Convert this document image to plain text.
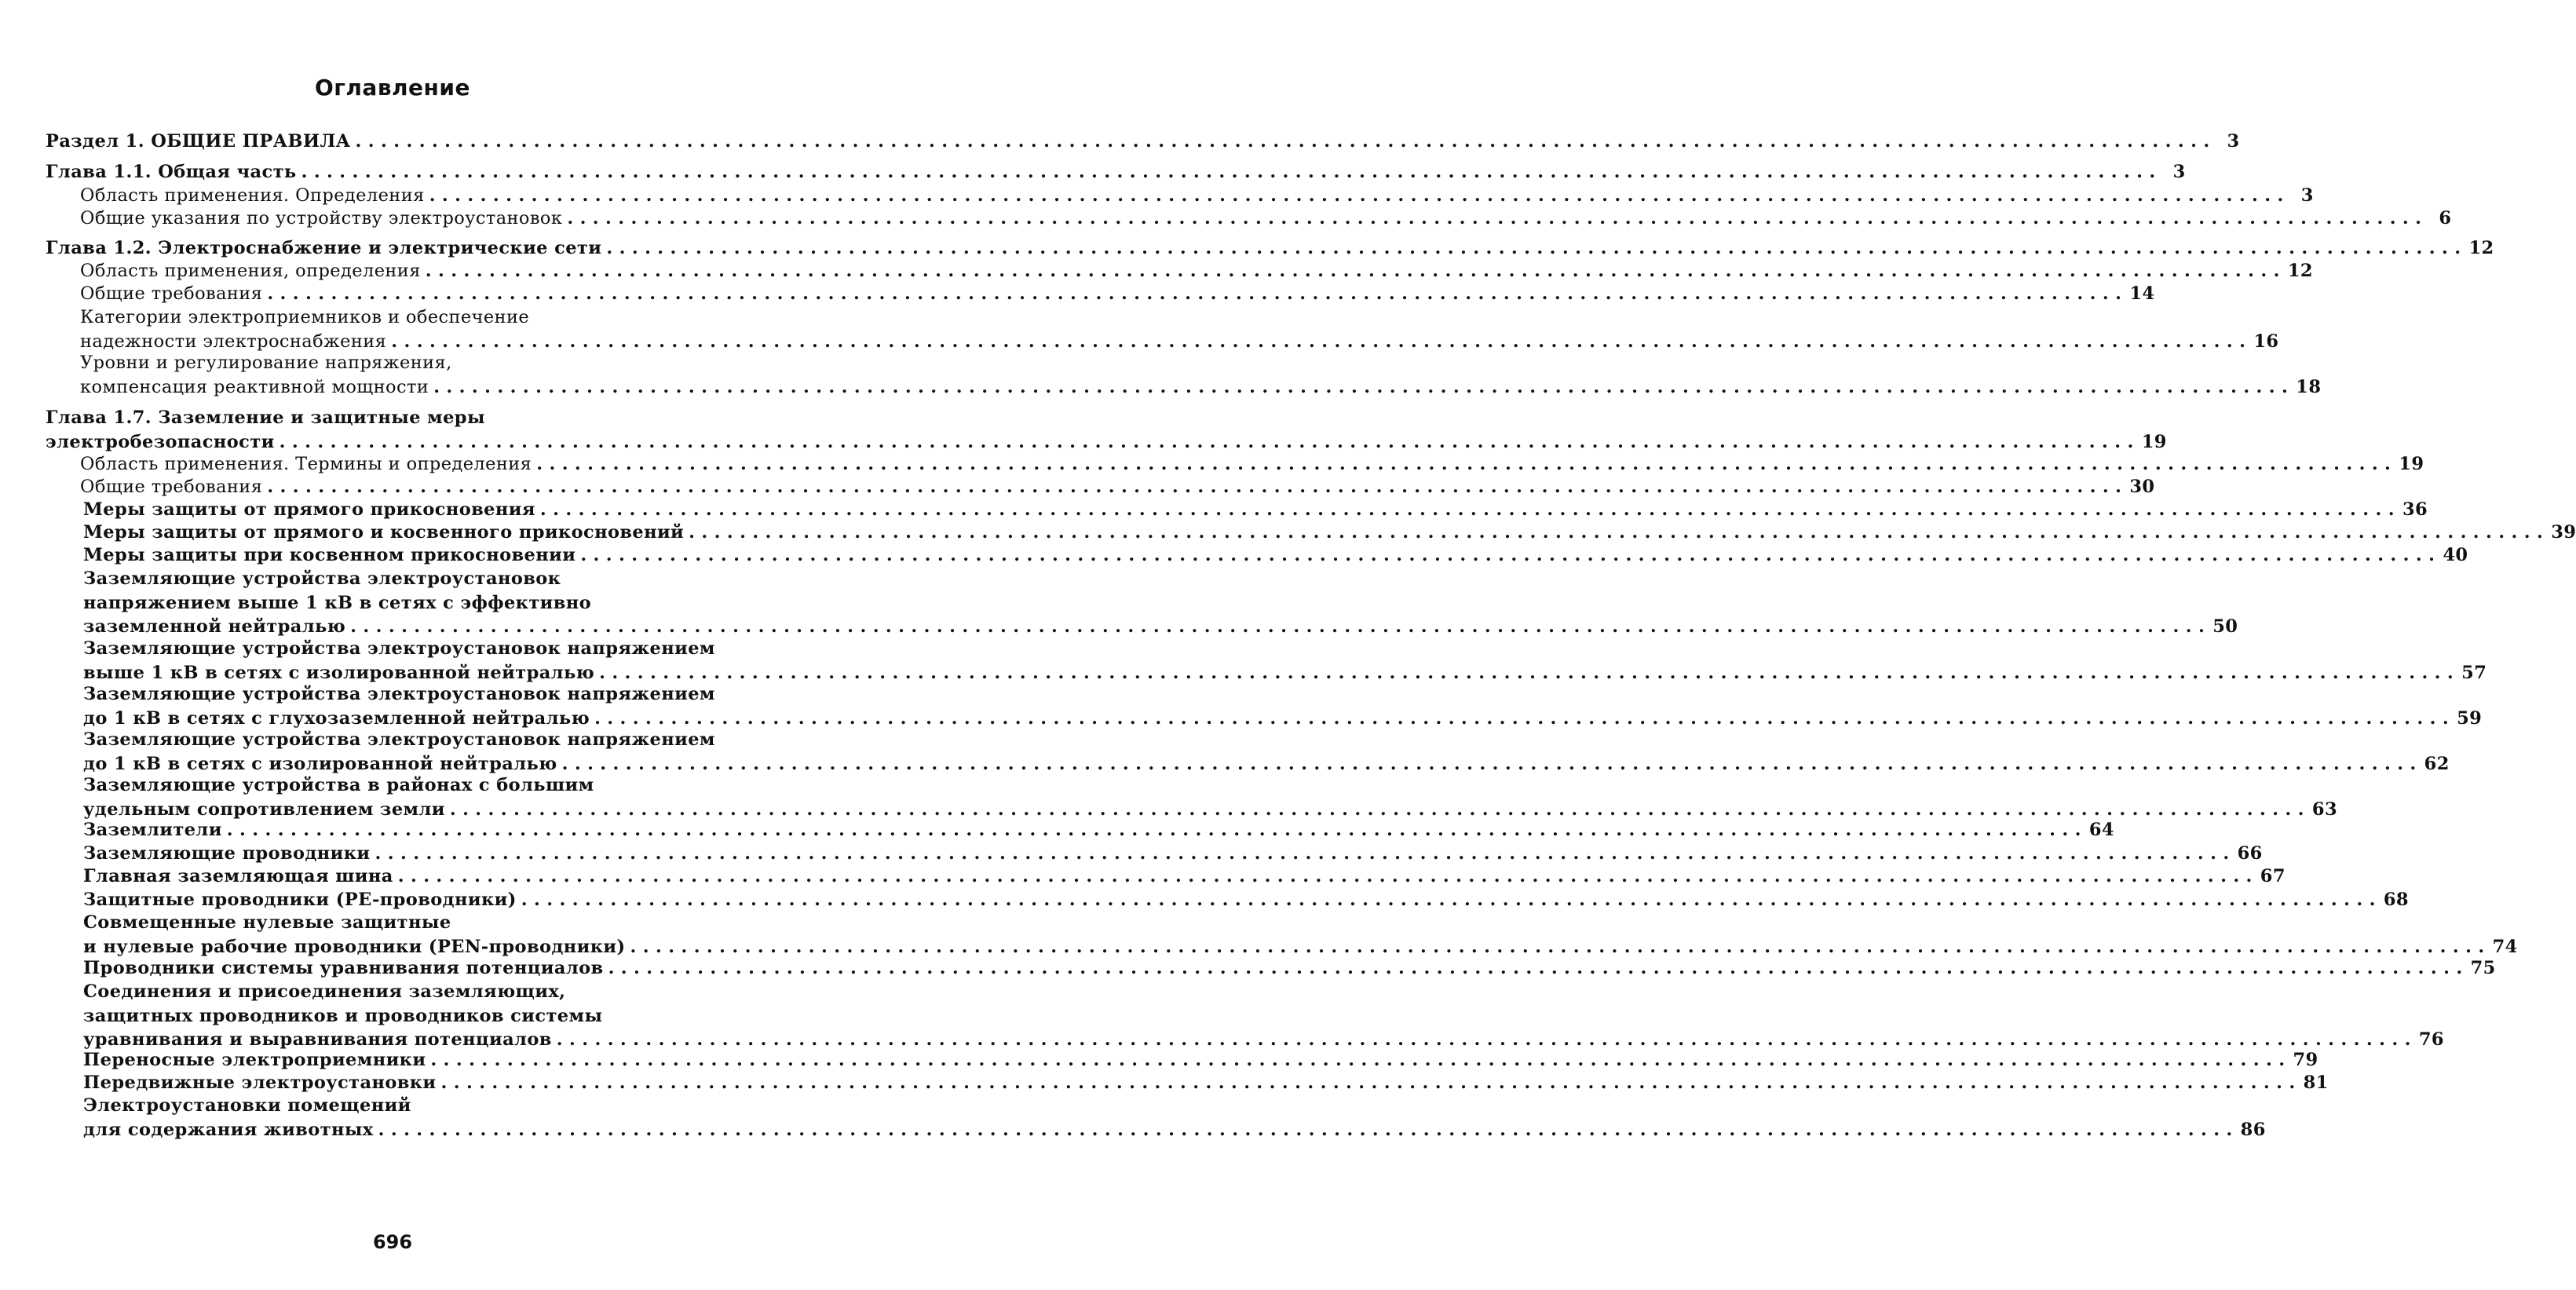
Оглавление
Раздел 1. ОБЩИЕ ПРАВИЛА .................................................................................................................................................. 3
Глава 1.1. Общая часть .................................................................................................................................................. 3
Область применения. Определения .................................................................................................................................................. 3
Общие указания по устройству электроустановок .................................................................................................................................................. 6
Глава 1.2. Электроснабжение и электрические сети .................................................................................................................................................. 12
Область применения, определения .................................................................................................................................................. 12
Общие требования .................................................................................................................................................. 14
Категории электроприемников и обеспечение
надежности электроснабжения .................................................................................................................................................. 16
Уровни и регулирование напряжения,
компенсация реактивной мощности .................................................................................................................................................. 18
Глава 1.7. Заземление и защитные меры
электробезопасности .................................................................................................................................................. 19
Область применения. Термины и определения .................................................................................................................................................. 19
Общие требования .................................................................................................................................................. 30
Меры защиты от прямого прикосновения .................................................................................................................................................. 36
Меры защиты от прямого и косвенного прикосновений .................................................................................................................................................. 39
Меры защиты при косвенном прикосновении .................................................................................................................................................. 40
Заземляющие устройства электроустановок
напряжением выше 1 кВ в сетях с эффективно
заземленной нейтралью .................................................................................................................................................. 50
Заземляющие устройства электроустановок напряжением
выше 1 кВ в сетях с изолированной нейтралью .................................................................................................................................................. 57
Заземляющие устройства электроустановок напряжением
до 1 кВ в сетях с глухозаземленной нейтралью .................................................................................................................................................. 59
Заземляющие устройства электроустановок напряжением
до 1 кВ в сетях с изолированной нейтралью .................................................................................................................................................. 62
Заземляющие устройства в районах с большим
удельным сопротивлением земли .................................................................................................................................................. 63
Заземлители .................................................................................................................................................. 64
Заземляющие проводники .................................................................................................................................................. 66
Главная заземляющая шина .................................................................................................................................................. 67
Защитные проводники (PE-проводники) .................................................................................................................................................. 68
Совмещенные нулевые защитные
и нулевые рабочие проводники (PEN-проводники) .................................................................................................................................................. 74
Проводники системы уравнивания потенциалов .................................................................................................................................................. 75
Соединения и присоединения заземляющих,
защитных проводников и проводников системы
уравнивания и выравнивания потенциалов .................................................................................................................................................. 76
Переносные электроприемники .................................................................................................................................................. 79
Передвижные электроустановки .................................................................................................................................................. 81
Электроустановки помещений
для содержания животных .................................................................................................................................................. 86
696
